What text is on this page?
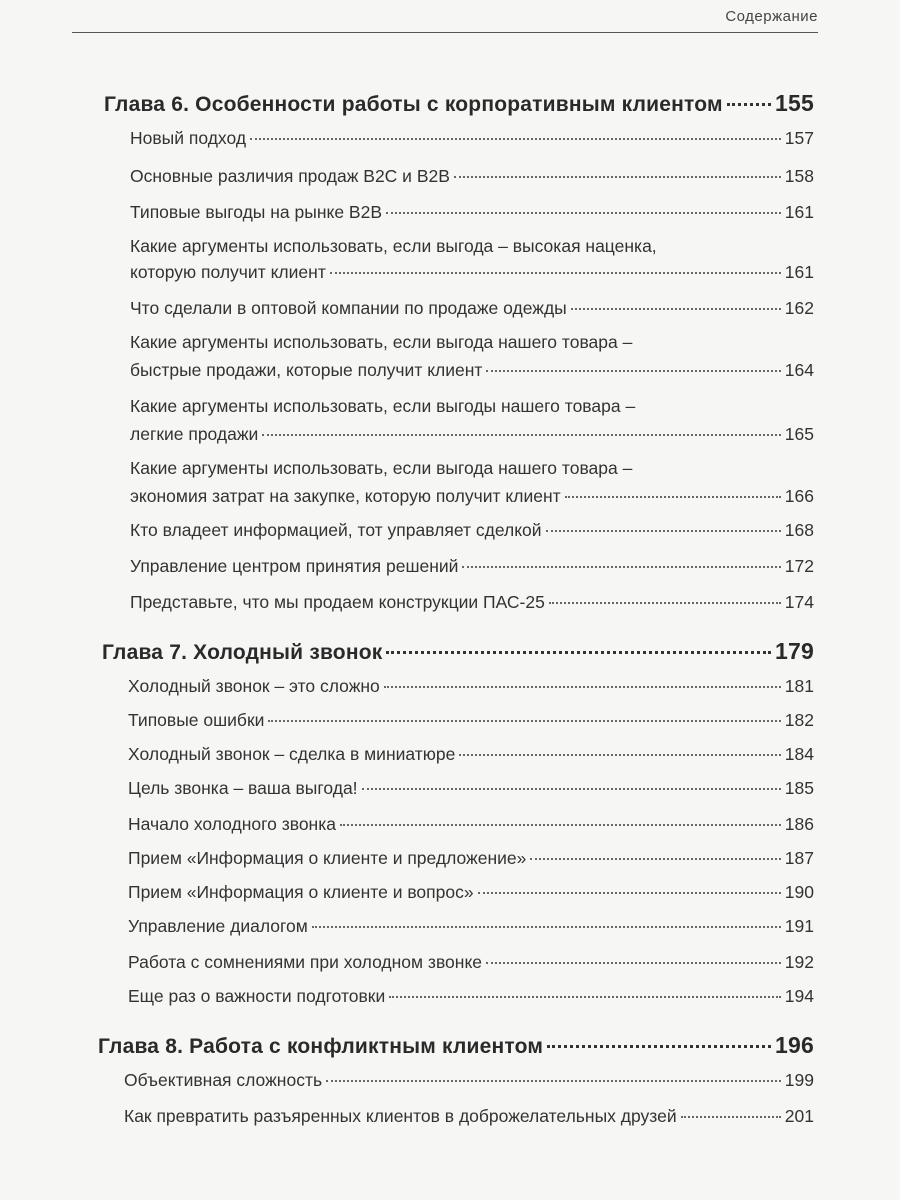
Содержание
Глава 6. Особенности работы с корпоративным клиентом 155
Новый подход	157
Основные различия продаж B2C и B2B	158
Типовые выгоды на рынке B2B	161
Какие аргументы использовать, если выгода – высокая наценка,
которую получит клиент	161
Что сделали в оптовой компании по продаже одежды	162
Какие аргументы использовать, если выгода нашего товара –
быстрые продажи, которые получит клиент	164
Какие аргументы использовать, если выгоды нашего товара –
легкие продажи	165
Какие аргументы использовать, если выгода нашего товара –
экономия затрат на закупке, которую получит клиент	166
Кто владеет информацией, тот управляет сделкой	168
Управление центром принятия решений	172
Представьте, что мы продаем конструкции ПАС-25	174
Глава 7. Холодный звонок	179
Холодный звонок – это сложно	181
Типовые ошибки	182
Холодный звонок – сделка в миниатюре	184
Цель звонка – ваша выгода!	185
Начало холодного звонка	186
Прием «Информация о клиенте и предложение»	187
Прием «Информация о клиенте и вопрос»	190
Управление диалогом	191
Работа с сомнениями при холодном звонке	192
Еще раз о важности подготовки	194
Глава 8. Работа с конфликтным клиентом	196
Объективная сложность	199
Как превратить разъяренных клиентов в доброжелательных друзей	201
